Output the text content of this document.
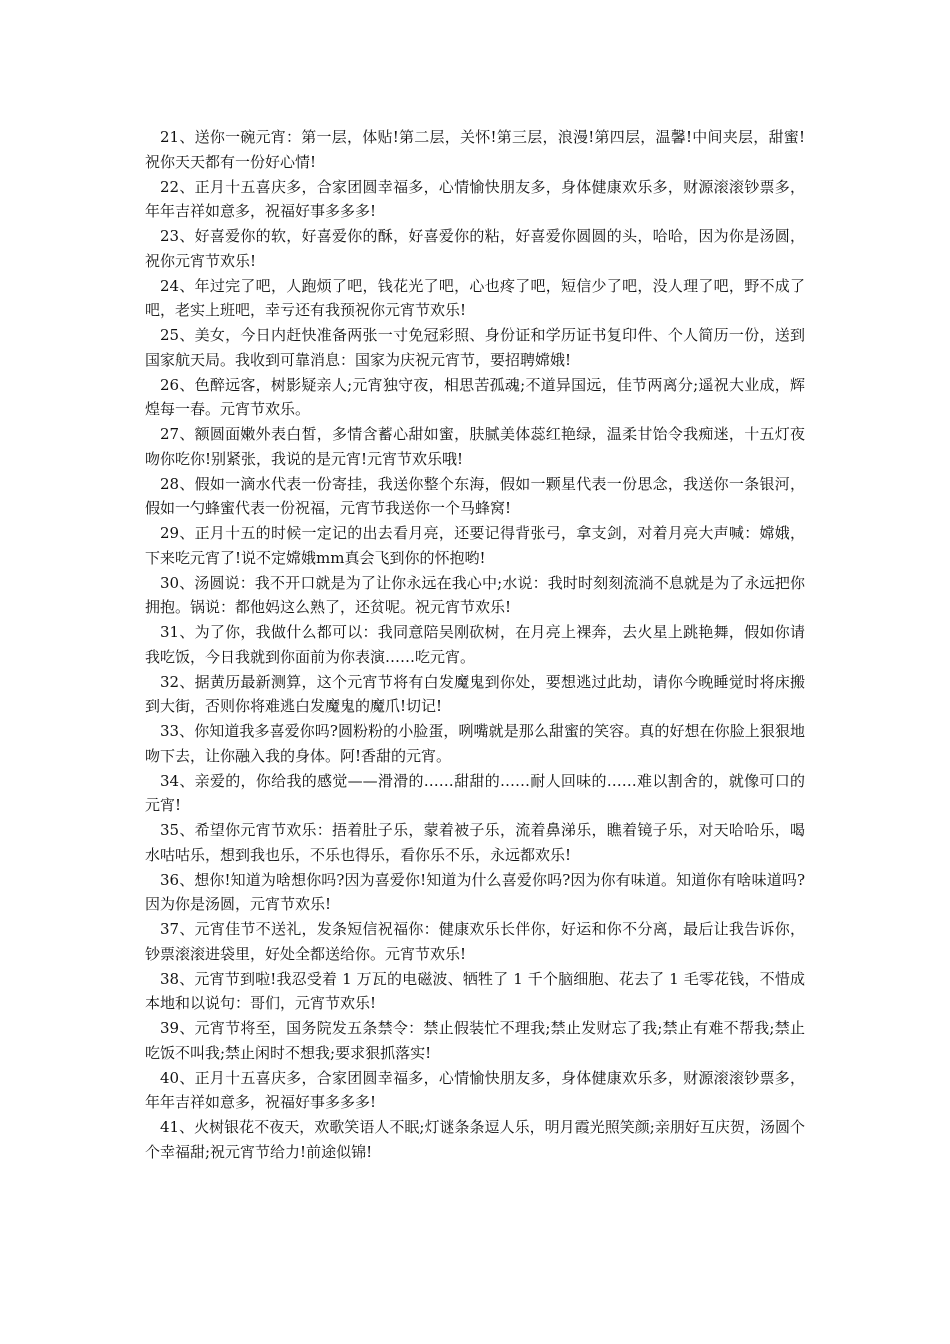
21、送你一碗元宵：第一层，体贴!第二层，关怀!第三层，浪漫!第四层，温馨!中间夹层，甜蜜!祝你天天都有一份好心情!

22、正月十五喜庆多，合家团圆幸福多，心情愉快朋友多，身体健康欢乐多，财源滚滚钞票多，年年吉祥如意多，祝福好事多多多!

23、好喜爱你的软，好喜爱你的酥，好喜爱你的粘，好喜爱你圆圆的头，哈哈，因为你是汤圆，祝你元宵节欢乐!

24、年过完了吧，人跑烦了吧，钱花光了吧，心也疼了吧，短信少了吧，没人理了吧，野不成了吧，老实上班吧，幸亏还有我预祝你元宵节欢乐!

25、美女，今日内赶快准备两张一寸免冠彩照、身份证和学历证书复印件、个人简历一份，送到国家航天局。我收到可靠消息：国家为庆祝元宵节，要招聘嫦娥!

26、色醉远客，树影疑亲人;元宵独守夜，相思苦孤魂;不道异国远，佳节两离分;遥祝大业成，辉煌每一春。元宵节欢乐。

27、额圆面嫩外表白皙，多情含蓄心甜如蜜，肤腻美体蕊红艳绿，温柔甘饴令我痴迷，十五灯夜吻你吃你!别紧张，我说的是元宵!元宵节欢乐哦!

28、假如一滴水代表一份寄挂，我送你整个东海，假如一颗星代表一份思念，我送你一条银河，假如一勺蜂蜜代表一份祝福，元宵节我送你一个马蜂窝!

29、正月十五的时候一定记的出去看月亮，还要记得背张弓，拿支剑，对着月亮大声喊：嫦娥，下来吃元宵了!说不定嫦娥mm真会飞到你的怀抱哟!

30、汤圆说：我不开口就是为了让你永远在我心中;水说：我时时刻刻流淌不息就是为了永远把你拥抱。锅说：都他妈这么熟了，还贫呢。祝元宵节欢乐!

31、为了你，我做什么都可以：我同意陪吴刚砍树，在月亮上裸奔，去火星上跳艳舞，假如你请我吃饭，今日我就到你面前为你表演……吃元宵。

32、据黄历最新测算，这个元宵节将有白发魔鬼到你处，要想逃过此劫，请你今晚睡觉时将床搬到大街，否则你将难逃白发魔鬼的魔爪!切记!

33、你知道我多喜爱你吗?圆粉粉的小脸蛋，咧嘴就是那么甜蜜的笑容。真的好想在你脸上狠狠地吻下去，让你融入我的身体。阿!香甜的元宵。

34、亲爱的，你给我的感觉——滑滑的……甜甜的……耐人回味的……难以割舍的，就像可口的元宵!

35、希望你元宵节欢乐：捂着肚子乐，蒙着被子乐，流着鼻涕乐，瞧着镜子乐，对天哈哈乐，喝水咕咕乐，想到我也乐，不乐也得乐，看你乐不乐，永远都欢乐!

36、想你!知道为啥想你吗?因为喜爱你!知道为什么喜爱你吗?因为你有味道。知道你有啥味道吗?因为你是汤圆，元宵节欢乐!

37、元宵佳节不送礼，发条短信祝福你：健康欢乐长伴你，好运和你不分离，最后让我告诉你，钞票滚滚进袋里，好处全都送给你。元宵节欢乐!

38、元宵节到啦!我忍受着 1 万瓦的电磁波、牺牲了 1 千个脑细胞、花去了 1 毛零花钱，不惜成本地和以说句：哥们，元宵节欢乐!

39、元宵节将至，国务院发五条禁令：禁止假装忙不理我;禁止发财忘了我;禁止有难不帮我;禁止吃饭不叫我;禁止闲时不想我;要求狠抓落实!

40、正月十五喜庆多，合家团圆幸福多，心情愉快朋友多，身体健康欢乐多，财源滚滚钞票多，年年吉祥如意多，祝福好事多多多!

41、火树银花不夜天，欢歌笑语人不眠;灯谜条条逗人乐，明月霞光照笑颜;亲朋好互庆贺，汤圆个个幸福甜;祝元宵节给力!前途似锦!
